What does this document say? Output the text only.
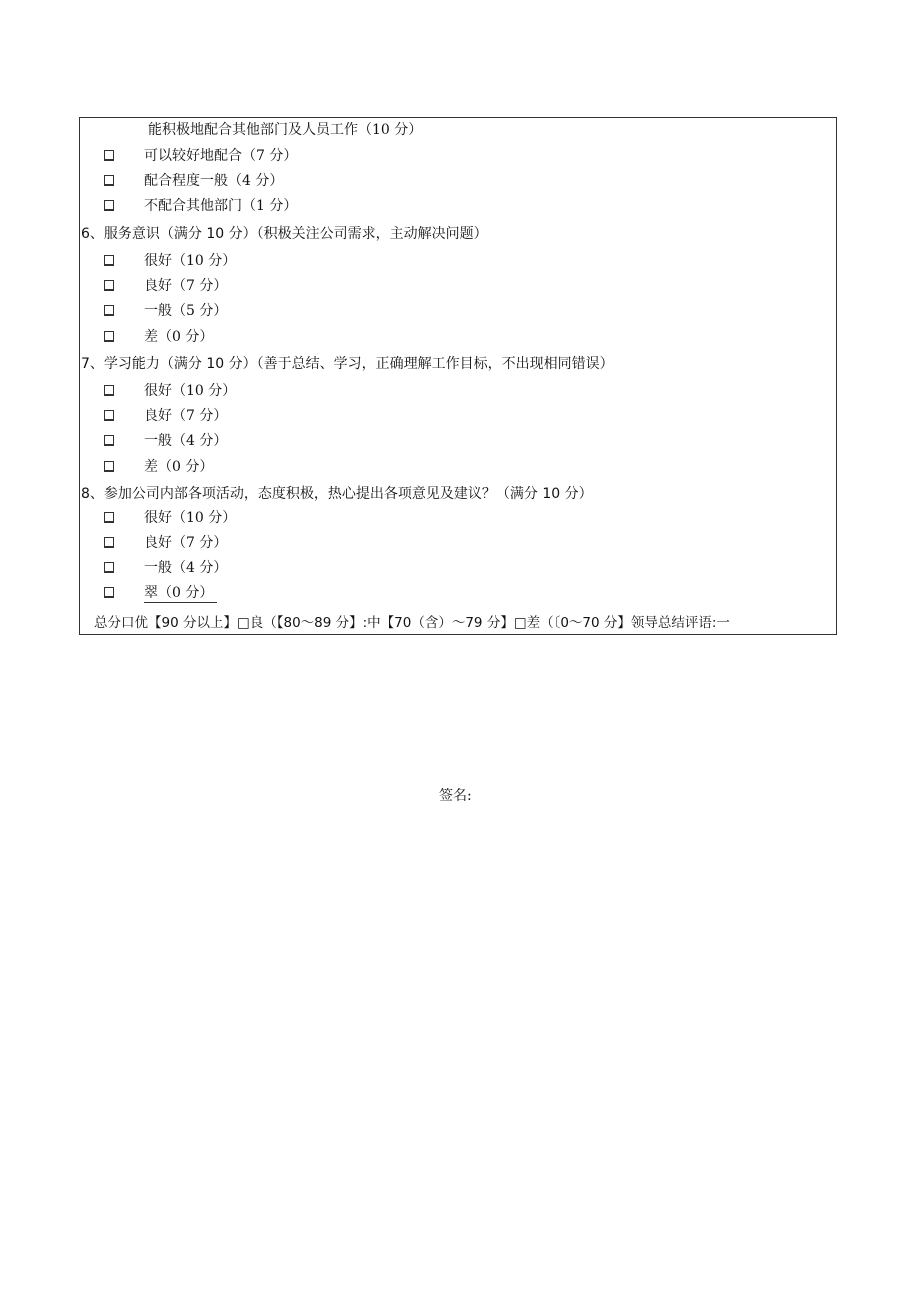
能积极地配合其他部门及人员工作（10 分）
可以较好地配合（7 分）
配合程度一般（4 分）
不配合其他部门（1 分）
6、服务意识（满分 10 分）（积极关注公司需求，主动解决问题）
很好（10 分）
良好（7 分）
一般（5 分）
差（0 分）
7、学习能力（满分 10 分）（善于总结、学习，正确理解工作目标，不出现相同错误）
很好（10 分）
良好（7 分）
一般（4 分）
差（0 分）
8、参加公司内部各项活动，态度积极，热心提出各项意见及建议？（满分 10 分）
很好（10 分）
良好（7 分）
一般（4 分）
翠（0 分）
总分口优【90 分以上】□良（【80～89 分】:中【70（含）～79 分】□差（〔0～70 分】领导总结评语:一
签名:
